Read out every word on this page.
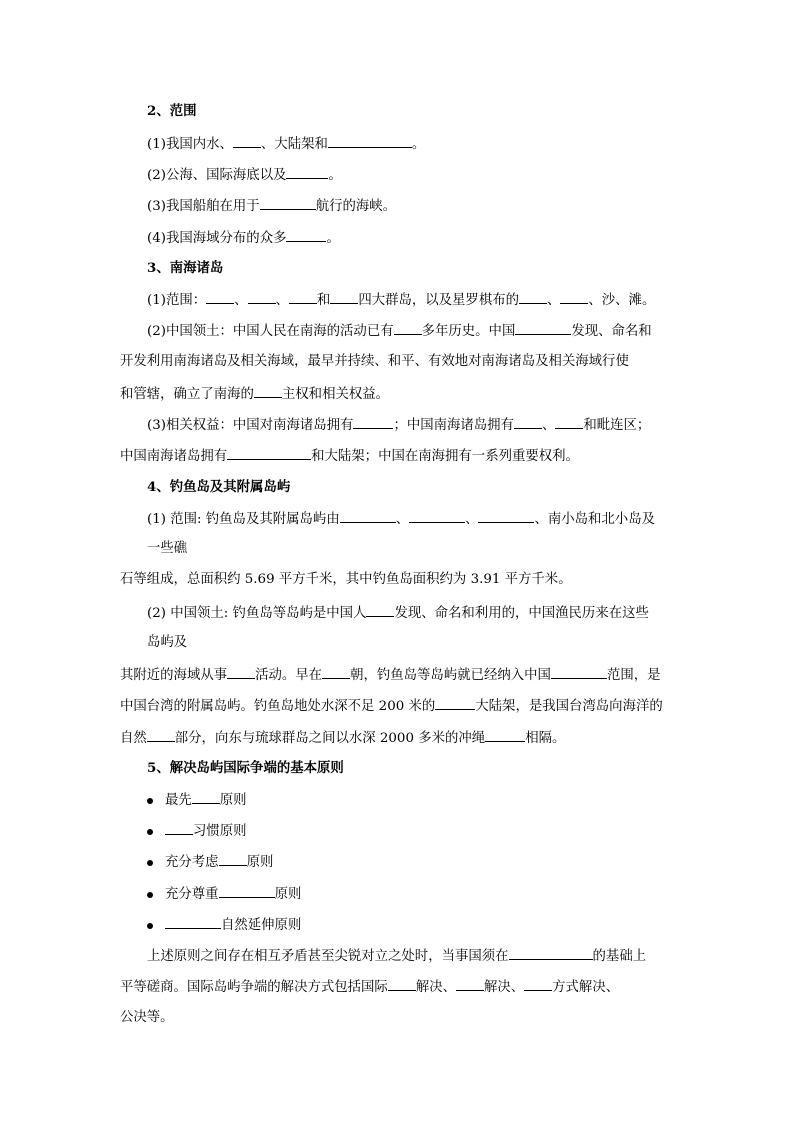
2、范围
(1)我国内水、 、大陆架和	。
(2)公海、国际海底以及	。
(3)我国船舶在用于	航行的海峡。
(4)我国海域分布的众多	。
3、南海诸岛
(1)范围： 、 、 和 四大群岛，以及星罗棋布的 、 、沙、滩。
(2)中国领土：中国人民在南海的活动已有 多年历史。中国	发现、命名和
开发利用南海诸岛及相关海域，最早并持续、和平、有效地对南海诸岛及相关海域行使
和管辖，确立了南海的 主权和相关权益。
(3)相关权益：中国对南海诸岛拥有	；中国南海诸岛拥有 、 和毗连区；
中国南海诸岛拥有	和大陆架；中国在南海拥有一系列重要权利。
4、钓鱼岛及其附属岛屿
(1) 范围: 钓鱼岛及其附属岛屿由	、	、	、南小岛和北小岛及
一些礁
石等组成，总面积约 5.69 平方千米，其中钓鱼岛面积约为 3.91 平方千米。
(2) 中国领土: 钓鱼岛等岛屿是中国人 发现、命名和利用的，中国渔民历来在这些
岛屿及
其附近的海域从事 活动。早在 朝，钓鱼岛等岛屿就已经纳入中国	范围，是
中国台湾的附属岛屿。钓鱼岛地处水深不足 200 米的	大陆架，是我国台湾岛向海洋的
自然 部分，向东与琉球群岛之间以水深 2000 多米的冲绳	相隔。
5、解决岛屿国际争端的基本原则
最先 原则
习惯原则
充分考虑 原则
充分尊重	原则
自然延伸原则
上述原则之间存在相互矛盾甚至尖锐对立之处时，当事国须在	的基础上
平等磋商。国际岛屿争端的解决方式包括国际 解决、 解决、 方式解决、
公决等。
